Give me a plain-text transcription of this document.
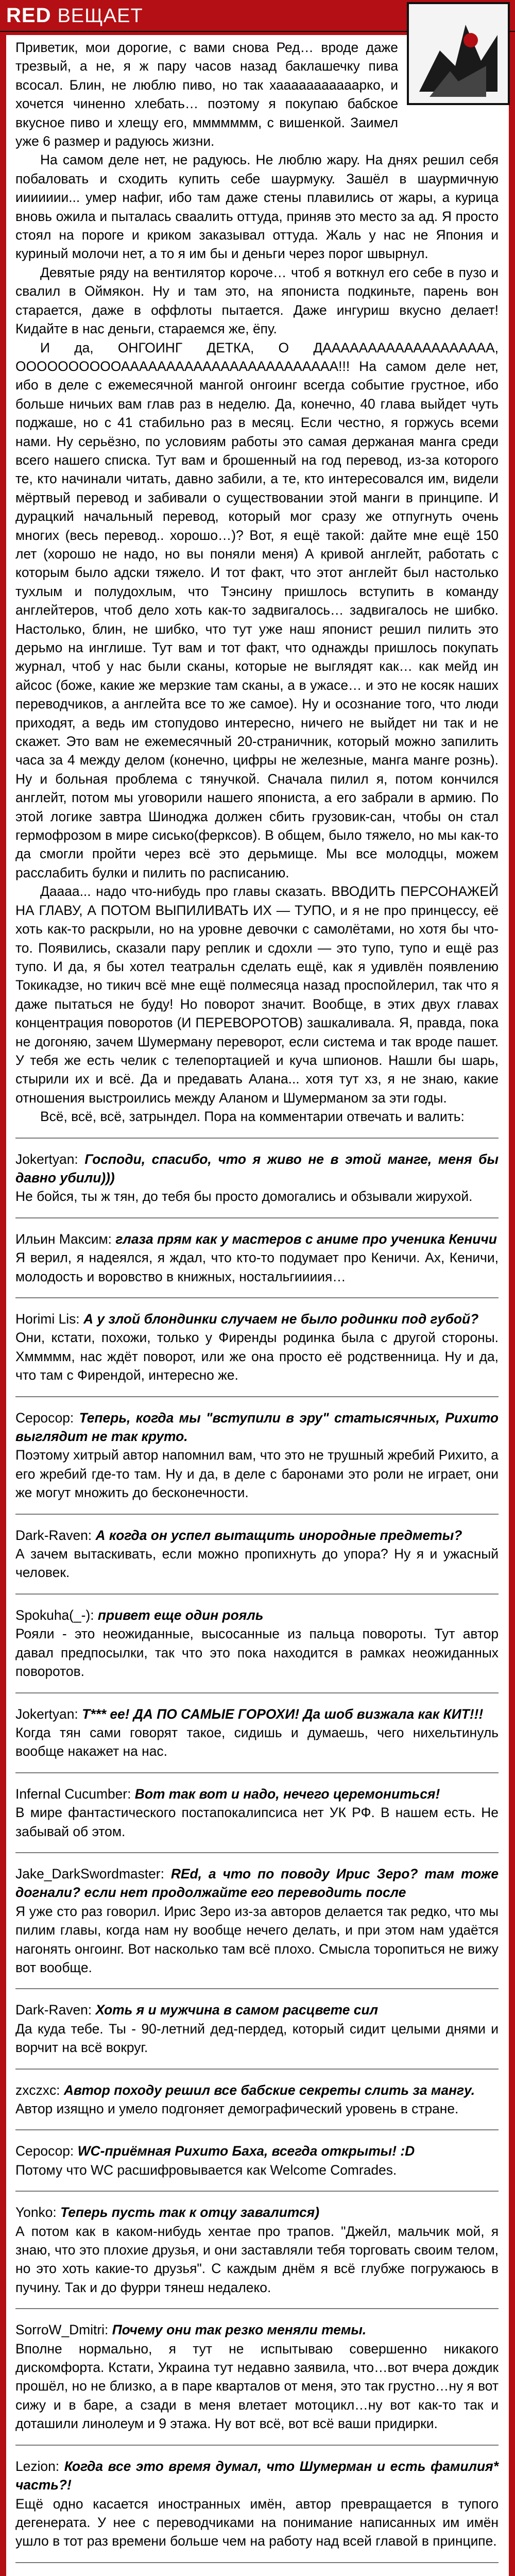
RED ВЕЩАЕТ

Приветик, мои дорогие, с вами снова Ред… вроде даже трезвый, а не, я ж пару часов назад баклашечку пива всосал. Блин, не люблю пиво, но так хааааааааааарко, и хочется чиненно хлебать… поэтому я покупаю бабское вкусное пиво и хлещу его, ммммммм, с вишенкой. Заимел уже 6 размер и радуюсь жизни.

На самом деле нет, не радуюсь. Не люблю жару. На днях решил себя побаловать и сходить купить себе шаурмуку. Зашёл в шаурмичную иииииии... умер нафиг, ибо там даже стены плавились от жары, а курица вновь ожила и пыталась сваалить оттуда, приняв это место за ад. Я просто стоял на пороге и криком заказывал оттуда. Жаль у нас не Япония и куриный молочи нет, а то я им бы и деньги через порог швырнул.

Девятые ряду на вентилятор короче… чтоб я воткнул его себе в пузо и свалил в Оймякон. Ну и там это, на японистa подкиньте, парень вон старается, даже в оффлоты пытается. Даже ингуриш вкусно делает! Кидайте в нас деньги, стараемся же, ёпу.

И да, ОНГОИНГ ДЕТКА, О ДААААААААААААААААААА, ООООООООООАААААААААААААААААААААААА!!! На самом деле нет, ибо в деле с ежемесячной мангой онгоинг всегда событие грустное, ибо больше ничьих вам глав раз в неделю. Да, конечно, 40 глава выйдет чуть поджаше, но с 41 стабильно раз в месяц. Если честно, я горжусь всеми нами. Ну серьёзно, по условиям работы это самая держаная манга среди всего нашего списка. Тут вам и брошенный на год перевод, из-за которого те, кто начинали читать, давно забили, а те, кто интересовался им, видели мёртвый перевод и забивали о существовании этой манги в принципе. И дурацкий начальный перевод, который мог сразу же отпугнуть очень многих (весь перевод.. хорошо…)? Вот, я ещё такой: дайте мне ещё 150 лет (хорошо не надо, но вы поняли меня) А кривой англейт, работать с которым было адски тяжело. И тот факт, что этот англейт был настолько тухлым и полудохлым, что Тэнсину пришлось вступить в команду англейтеров, чтоб дело хоть как-то задвигалось… задвигалось не шибко. Настолько, блин, не шибко, что тут уже наш японист решил пилить это дерьмо на инглише. Тут вам и тот факт, что однажды пришлось покупать журнал, чтоб у нас были сканы, которые не выглядят как… как мейд ин айсос (боже, какие же мерзкие там сканы, а в ужасе… и это не косяк наших переводчиков, а англейта все то же самое). Ну и осознание того, что люди приходят, а ведь им стопудово интересно, ничего не выйдет ни так и не скажет. Это вам не ежемесячный 20-страничник, который можно запилить часа за 4 между делом (конечно, цифры не железные, манга манге рознь). Ну и больная проблема с тянучкой. Сначала пилил я, потом кончился англейт, потом мы уговорили нашего япониста, а его забрали в армию. По этой логике завтра Шиноджа должен сбить грузовик-сан, чтобы он стал гермофрозом в мире сисько(ферксов). В общем, было тяжело, но мы как-то да смогли пройти через всё это дерьмище. Мы все молодцы, можем расслабить булки и пилить по расписанию.

Даааа... надо что-нибудь про главы сказать. ВВОДИТЬ ПЕРСОНАЖЕЙ НА ГЛАВУ, А ПОТОМ ВЫПИЛИВАТЬ ИХ — ТУПО, и я не про принцессу, её хоть как-то раскрыли, но на уровне девочки с самолётами, но хотя бы что-то. Появились, сказали пару реплик и сдохли — это тупо, тупо и ещё раз тупо. И да, я бы хотел театральн сделать ещё, как я удивлён появлению Токикадзе, но тикич всё мне ещё полмесяца назад проспойлерил, так что я даже пытаться не буду! Но поворот значит. Вообще, в этих двух главах концентрация поворотов (И ПЕРЕВОРОТОВ) зашкаливала. Я, правда, пока не догоняю, зачем Шумерману переворот, если система и так вроде пашет. У тебя же есть челик с телепортацией и куча шпионов. Нашли бы шарь, стырили их и всё. Да и предавать Алана... хотя тут хз, я не знаю, какие отношения выстроились между Аланом и Шумерманом за эти годы.

Всё, всё, всё, затрындел. Пора на комментарии отвечать и валить:

Jokertyan: Господи, спасибо, что я живо не в этой манге, меня бы давно убили)))

Не бойся, ты ж тян, до тебя бы просто домогались и обзывали жирухой.

Ильин Максим: глаза прям как у мастеров с аниме про ученика Кеничи

Я верил, я надеялся, я ждал, что кто-то подумает про Кеничи. Ах, Кеничи, молодость и воровство в книжных, ностальгиииия…

Horimi Lis: А у злой блондинки случаем не было родинки под губой?

Они, кстати, похожи, только у Фиренды родинка была с другой стороны. Хммммм, нас ждёт поворот, или же она просто её родственница. Ну и да, что там с Фирендой, интересно же.

Серосор: Теперь, когда мы "вступили в эру" статысячных, Рихито выглядит не так круто.

Поэтому хитрый автор напомнил вам, что это не трушный жребий Рихито, а его жребий где-то там. Ну и да, в деле с баронами это роли не играет, они же могут множить до бесконечности.

Dark-Raven: А когда он успел вытащить инородные предметы?

А зачем вытаскивать, если можно пропихнуть до упора? Ну я и ужасный человек.

Spokuha(_-): привет еще один рояль

Рояли - это неожиданные, высосанные из пальца повороты. Тут автор давал предпосылки, так что это пока находится в рамках неожиданных поворотов.

Jokertyan: Т*** ее! ДА ПО САМЫЕ ГОРОХИ! Да шоб визжала как КИТ!!!

Когда тян сами говорят такое, сидишь и думаешь, чего нихельтинуль вообще накажет на нас.

Infernal Cucumber: Вот так вот и надо, нечего церемониться!

В мире фантастического постапокалипсиса нет УК РФ. В нашем есть. Не забывай об этом.

Jake_DarkSwordmaster: REd, а что по поводу Ирис Зеро? там тоже догнали? если нет продолжайте его переводить после

Я уже сто раз говорил. Ирис Зеро из-за авторов делается так редко, что мы пилим главы, когда нам ну вообще нечего делать, и при этом нам удаётся нагонять онгоинг. Вот насколько там всё плохо. Смысла торопиться не вижу вот вообще.

Dark-Raven: Хоть я и мужчина в самом расцвете сил

Да куда тебе. Ты - 90-летний дед-пердед, который сидит целыми днями и ворчит на всё вокруг.

zxczxc: Автор походу решил все бабские секреты слить за мангу.

Автор изящно и умело подгоняет демографический уровень в стране.

Серосор: WC-приёмная Рихито Баха, всегда открыты! :D

Потому что WC расшифровывается как Welcome Comrades.

Yonko: Теперь пусть так к отцу завалится)

А потом как в каком-нибудь хентае про трапов. "Джейл, мальчик мой, я знаю, что это плохие друзья, и они заставляли тебя торговать своим телом, но это хоть какие-то друзья". С каждым днём я всё глубже погружаюсь в пучину. Так и до фурри тянеш недалеко.

SorroW_Dmitri: Почему они так резко меняли темы.

Вполне нормально, я тут не испытываю совершенно никакого дискомфорта. Кстати, Украина тут недавно заявила, что…вот вчера дождик прошёл, но не близко, а в паре кварталов от меня, это так грустно…ну я вот сижу и в баре, а сзади в меня влетает мотоцикл…ну вот как-то так и доташили линолеум и 9 этажа. Ну вот всё, вот всё ваши придирки.

Lezion: Когда все это время думал, что Шумерман и есть фамилия* часть?!

Ещё одно касается иностранных имён, автор превращается в тупого дегенерата. У нее с переводчиками на понимание написанных им имён ушло в тот раз времени больше чем на работу над всей главой в принципе.
